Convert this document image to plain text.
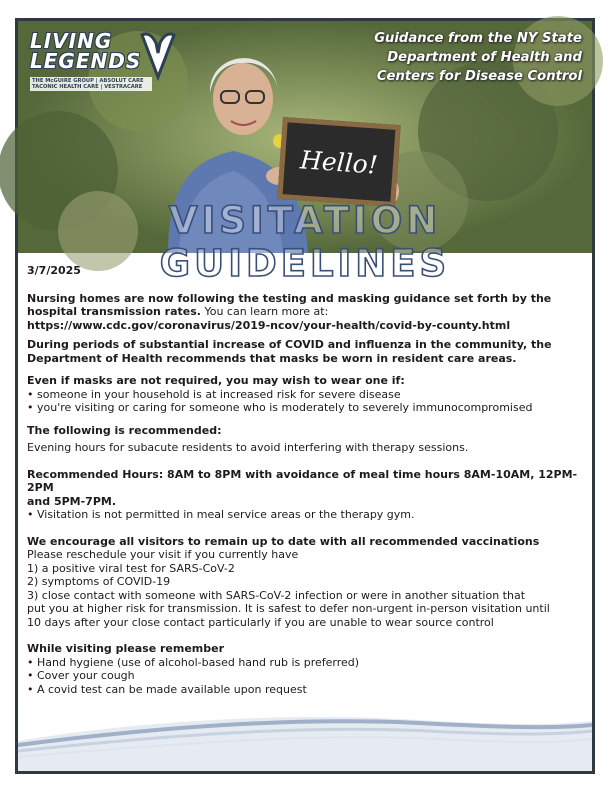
LIVING
LEGENDS
THE McGUIRE GROUP | ABSOLUT CARE
TACONIC HEALTH CARE | VESTRACARE
Guidance from the NY State
Department of Health and
Centers for Disease Control
Hello!
VISITATION GUIDELINES

3/7/2025

Nursing homes are now following the testing and masking guidance set forth by the hospital transmission rates. You can learn more at:

https://www.cdc.gov/coronavirus/2019-ncov/your-health/covid-by-county.html

During periods of substantial increase of COVID and influenza in the community, the Department of Health recommends that masks be worn in resident care areas.

Even if masks are not required, you may wish to wear one if:

• someone in your household is at increased risk for severe disease

• you're visiting or caring for someone who is moderately to severely immunocompromised

The following is recommended:

Evening hours for subacute residents to avoid interfering with therapy sessions.

Recommended Hours: 8AM to 8PM with avoidance of meal time hours 8AM-10AM, 12PM-2PM
and 5PM-7PM.

• Visitation is not permitted in meal service areas or the therapy gym.

We encourage all visitors to remain up to date with all recommended vaccinations

Please reschedule your visit if you currently have

1) a positive viral test for SARS-CoV-2

2) symptoms of COVID-19

3) close contact with someone with SARS-CoV-2 infection or were in another situation that

put you at higher risk for transmission. It is safest to defer non-urgent in-person visitation until

10 days after your close contact particularly if you are unable to wear source control

While visiting please remember

• Hand hygiene (use of alcohol-based hand rub is preferred)

• Cover your cough

• A covid test can be made available upon request
